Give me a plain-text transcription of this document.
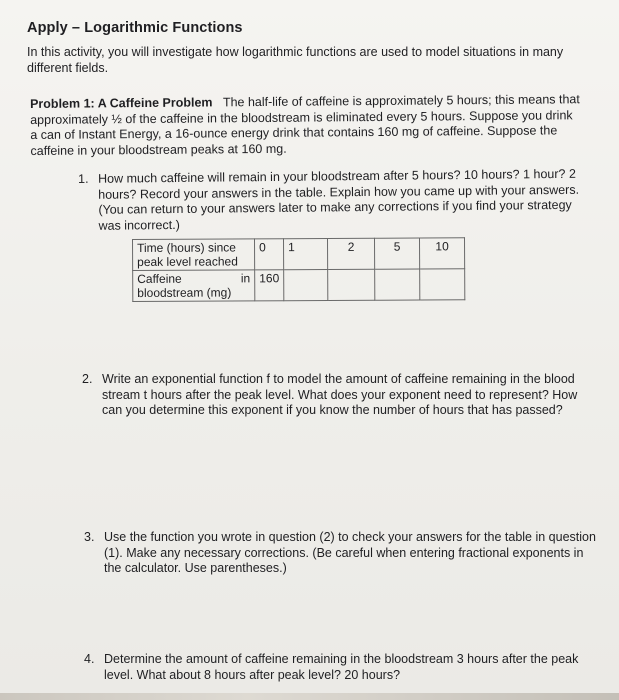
Apply – Logarithmic Functions
In this activity, you will investigate how logarithmic functions are used to model situations in many different fields.
Problem 1: A Caffeine Problem The half-life of caffeine is approximately 5 hours; this means that approximately ½ of the caffeine in the bloodstream is eliminated every 5 hours. Suppose you drink a can of Instant Energy, a 16-ounce energy drink that contains 160 mg of caffeine. Suppose the caffeine in your bloodstream peaks at 160 mg.
1. How much caffeine will remain in your bloodstream after 5 hours? 10 hours? 1 hour? 2 hours? Record your answers in the table. Explain how you came up with your answers. (You can return to your answers later to make any corrections if you find your strategy was incorrect.)
Time (hours) since peak level reached	0	1	2	5	10

Caffeine in
bloodstream (mg)	160				
2. Write an exponential function f to model the amount of caffeine remaining in the blood stream t hours after the peak level. What does your exponent need to represent? How can you determine this exponent if you know the number of hours that has passed?
3. Use the function you wrote in question (2) to check your answers for the table in question (1). Make any necessary corrections. (Be careful when entering fractional exponents in the calculator. Use parentheses.)
4. Determine the amount of caffeine remaining in the bloodstream 3 hours after the peak level. What about 8 hours after peak level? 20 hours?
